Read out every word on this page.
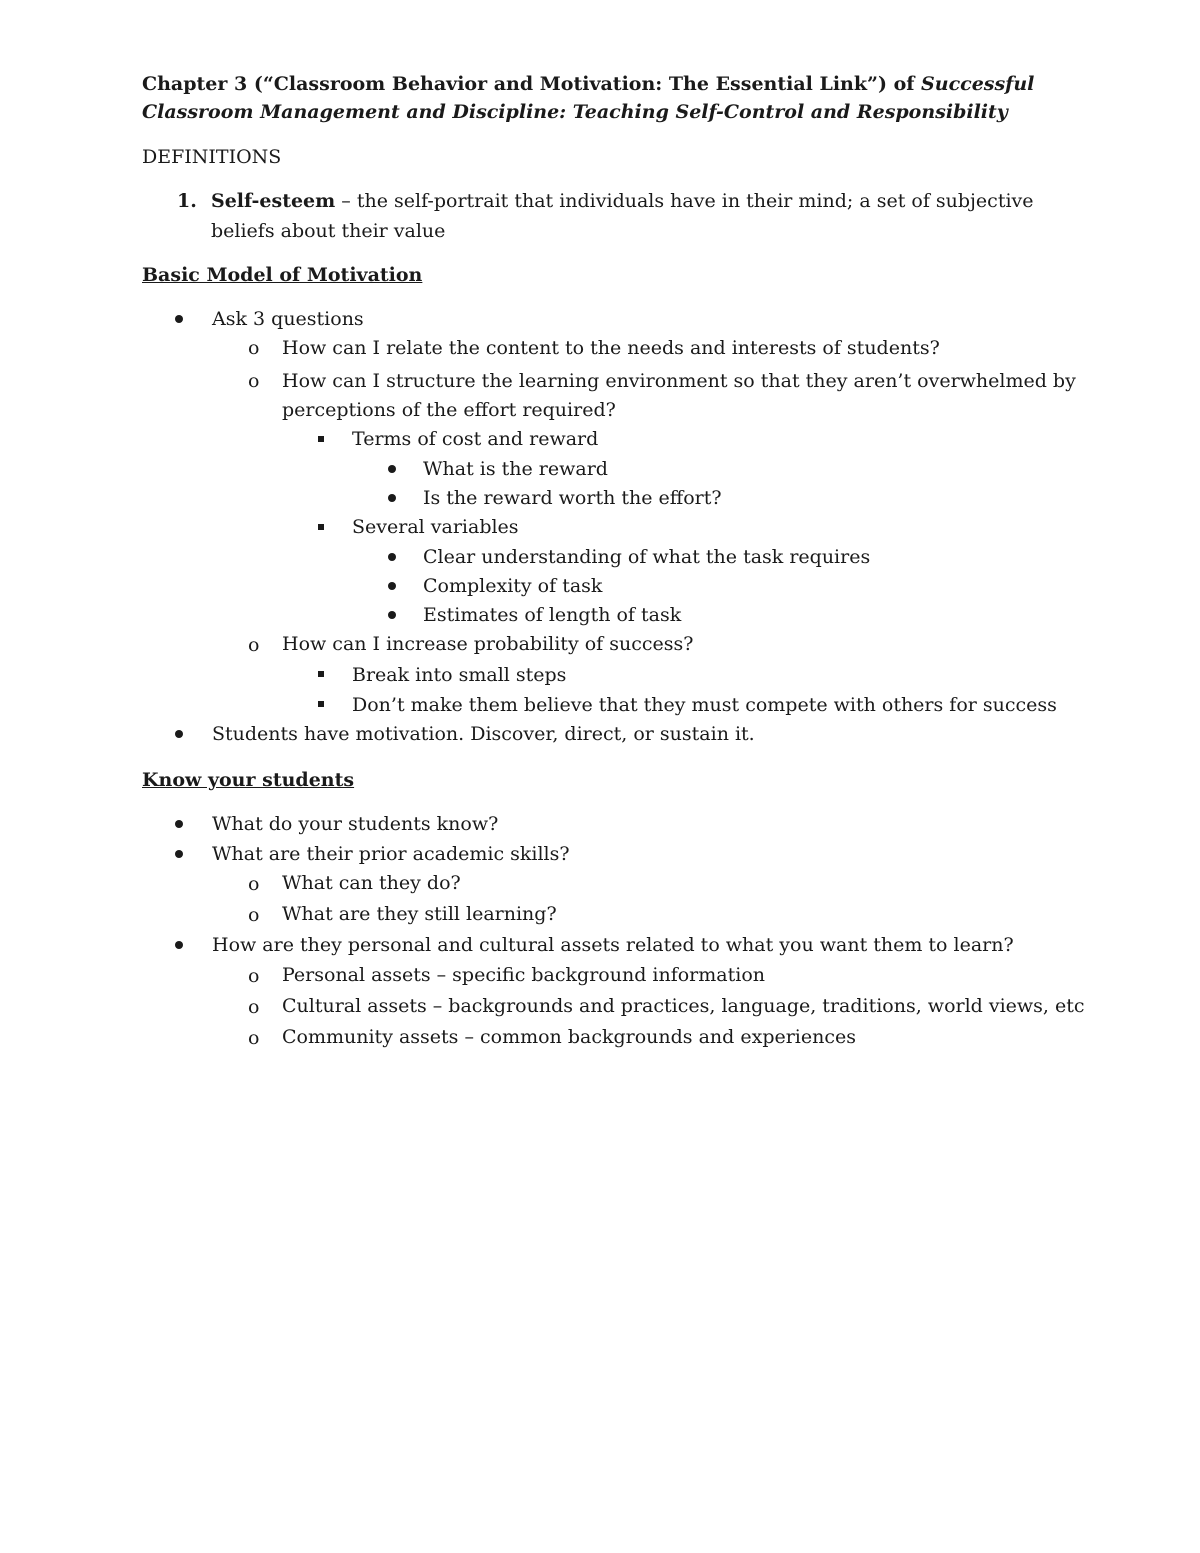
Chapter 3 (“Classroom Behavior and Motivation: The Essential Link”) of Successful
Classroom Management and Discipline: Teaching Self-Control and Responsibility
DEFINITIONS
1. Self-esteem – the self-portrait that individuals have in their mind; a set of subjective
beliefs about their value
Basic Model of Motivation
Ask 3 questions
o How can I relate the content to the needs and interests of students?
o How can I structure the learning environment so that they aren’t overwhelmed by
perceptions of the effort required?
Terms of cost and reward
What is the reward
Is the reward worth the effort?
Several variables
Clear understanding of what the task requires
Complexity of task
Estimates of length of task
o How can I increase probability of success?
Break into small steps
Don’t make them believe that they must compete with others for success
Students have motivation. Discover, direct, or sustain it.
Know your students
What do your students know?
What are their prior academic skills?
o What can they do?
o What are they still learning?
How are they personal and cultural assets related to what you want them to learn?
o Personal assets – specific background information
o Cultural assets – backgrounds and practices, language, traditions, world views, etc
o Community assets – common backgrounds and experiences
